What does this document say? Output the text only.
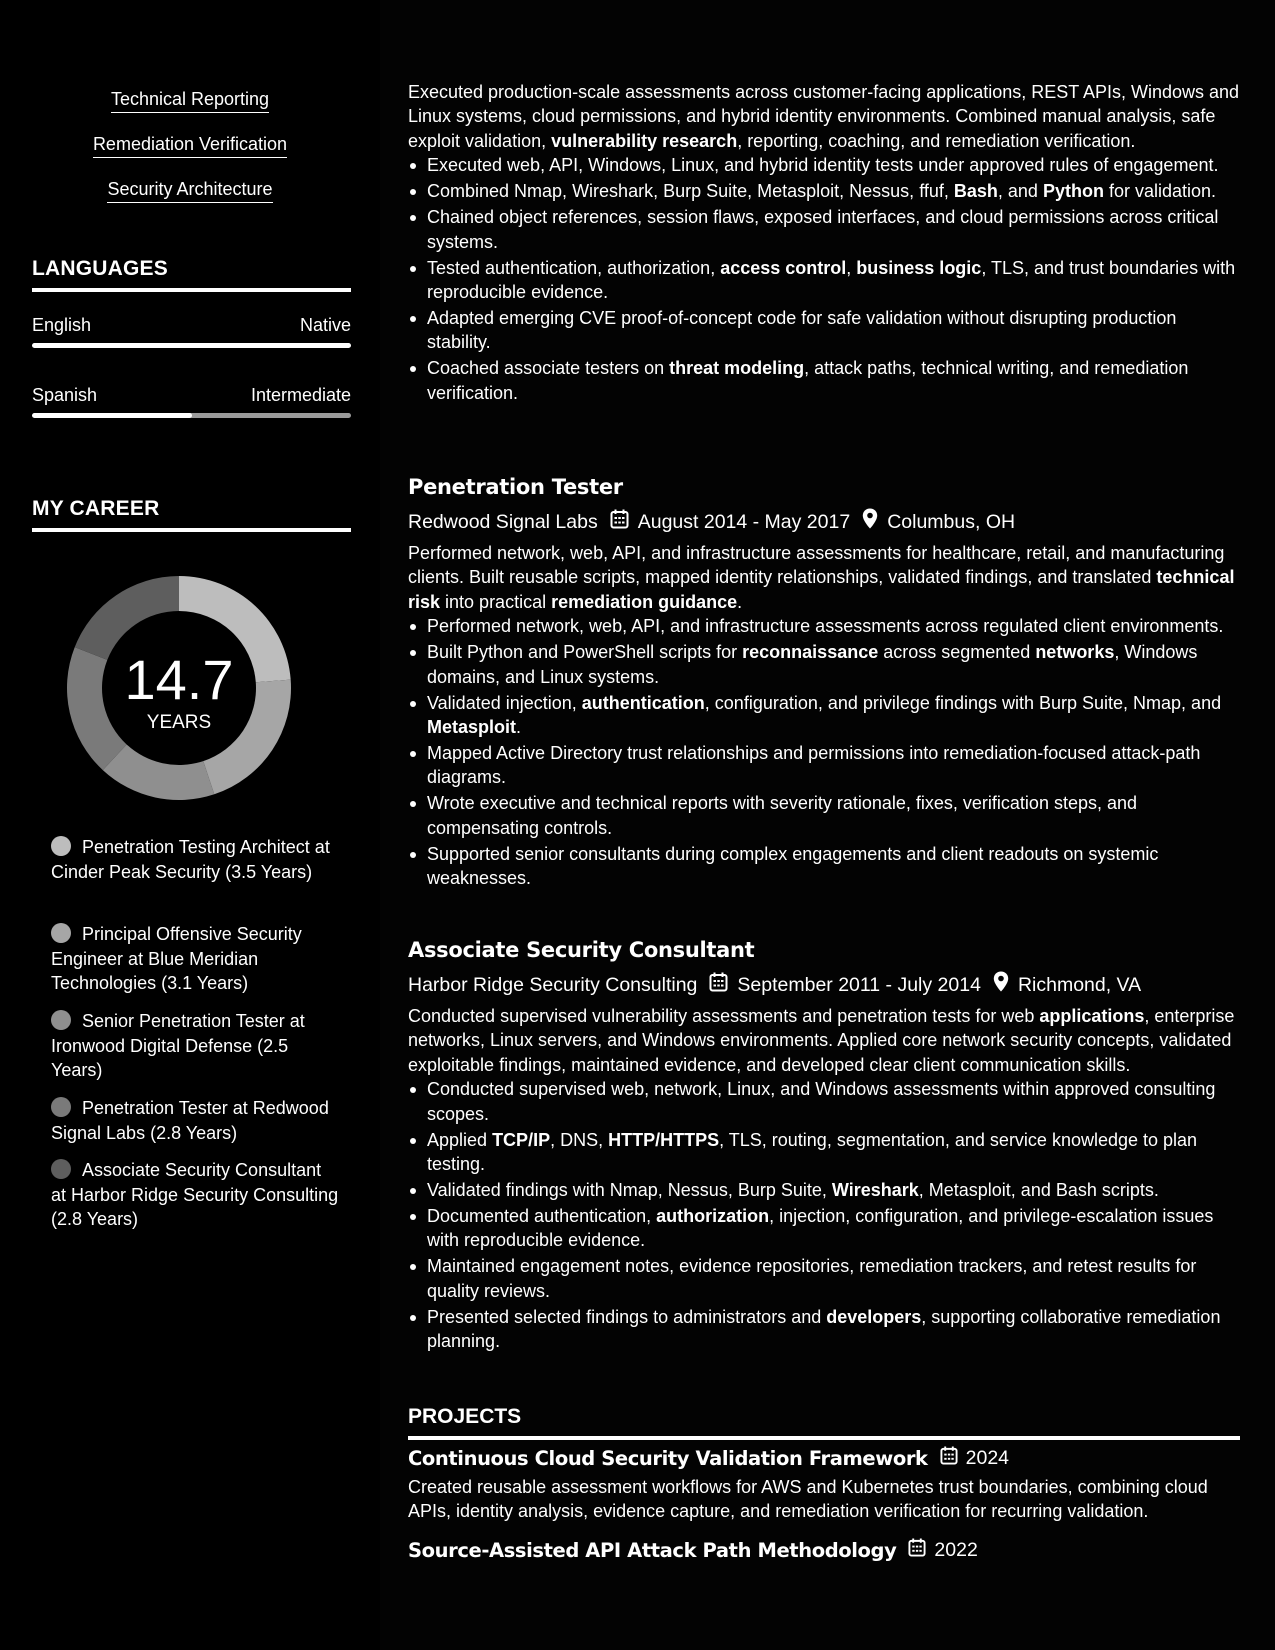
Technical Reporting
Remediation Verification
Security Architecture
LANGUAGES
English	Native
Spanish	Intermediate
MY CAREER
14.7
YEARS
Penetration Testing Architect at Cinder Peak Security (3.5 Years)
Principal Offensive Security Engineer at Blue Meridian Technologies (3.1 Years)
Senior Penetration Tester at Ironwood Digital Defense (2.5 Years)
Penetration Tester at Redwood Signal Labs (2.8 Years)
Associate Security Consultant at Harbor Ridge Security Consulting (2.8 Years)

Executed production-scale assessments across customer-facing applications, REST APIs, Windows and Linux systems, cloud permissions, and hybrid identity environments. Combined manual analysis, safe exploit validation, vulnerability research, reporting, coaching, and remediation verification.

Executed web, API, Windows, Linux, and hybrid identity tests under approved rules of engagement.
Combined Nmap, Wireshark, Burp Suite, Metasploit, Nessus, ffuf, Bash, and Python for validation.
Chained object references, session flaws, exposed interfaces, and cloud permissions across critical systems.
Tested authentication, authorization, access control, business logic, TLS, and trust boundaries with reproducible evidence.
Adapted emerging CVE proof-of-concept code for safe validation without disrupting production stability.
Coached associate testers on threat modeling, attack paths, technical writing, and remediation verification.
Penetration Tester
Redwood Signal Labs August 2014 - May 2017 Columbus, OH

Performed network, web, API, and infrastructure assessments for healthcare, retail, and manufacturing clients. Built reusable scripts, mapped identity relationships, validated findings, and translated technical risk into practical remediation guidance.

Performed network, web, API, and infrastructure assessments across regulated client environments.
Built Python and PowerShell scripts for reconnaissance across segmented networks, Windows domains, and Linux systems.
Validated injection, authentication, configuration, and privilege findings with Burp Suite, Nmap, and Metasploit.
Mapped Active Directory trust relationships and permissions into remediation-focused attack-path diagrams.
Wrote executive and technical reports with severity rationale, fixes, verification steps, and compensating controls.
Supported senior consultants during complex engagements and client readouts on systemic weaknesses.
Associate Security Consultant
Harbor Ridge Security Consulting September 2011 - July 2014 Richmond, VA

Conducted supervised vulnerability assessments and penetration tests for web applications, enterprise networks, Linux servers, and Windows environments. Applied core network security concepts, validated exploitable findings, maintained evidence, and developed clear client communication skills.

Conducted supervised web, network, Linux, and Windows assessments within approved consulting scopes.
Applied TCP/IP, DNS, HTTP/HTTPS, TLS, routing, segmentation, and service knowledge to plan testing.
Validated findings with Nmap, Nessus, Burp Suite, Wireshark, Metasploit, and Bash scripts.
Documented authentication, authorization, injection, configuration, and privilege-escalation issues with reproducible evidence.
Maintained engagement notes, evidence repositories, remediation trackers, and retest results for quality reviews.
Presented selected findings to administrators and developers, supporting collaborative remediation planning.
PROJECTS
Continuous Cloud Security Validation Framework 2024
Created reusable assessment workflows for AWS and Kubernetes trust boundaries, combining cloud APIs, identity analysis, evidence capture, and remediation verification for recurring validation.
Source-Assisted API Attack Path Methodology 2022
